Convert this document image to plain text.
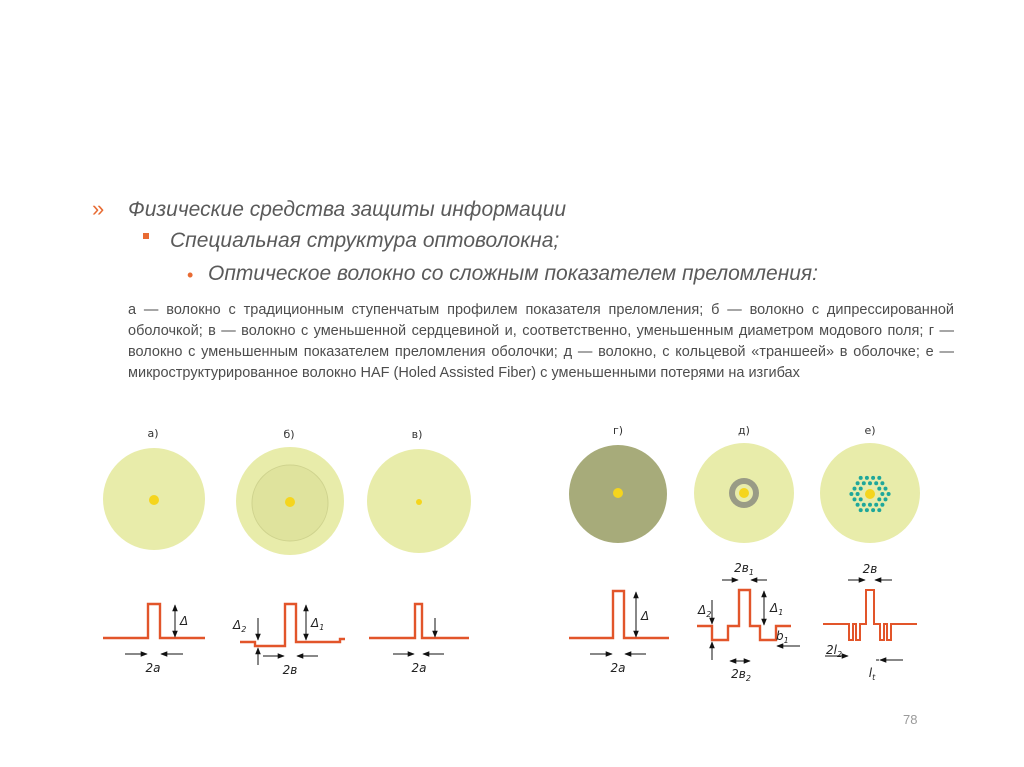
» Физические средства защиты информации
Специальная структура оптоволокна;
• Оптическое волокно со сложным показателем преломления:
а — волокно с традиционным ступенчатым профилем показателя преломления; б — волокно с дипрессированной оболочкой; в — волокно с уменьшенной сердцевиной и, соответственно, уменьшенным диаметром модового поля; г — волокно с уменьшенным показателем преломления оболочки; д — волокно, с кольцевой «траншеей» в оболочке; е — микроструктурированное волокно HAF (Holed Assisted Fiber) с уменьшенными потерями на изгибах
а)	б)	в)	г)	д)	е)
Δ
2a
$\Delta_2$	$\Delta_1$
2в	2a
Δ
2a
$2в_1$
$\Delta_2$	$\Delta_1$
$b_1$
$2в_2$
2в
$2l_2$
$l_t$
78
